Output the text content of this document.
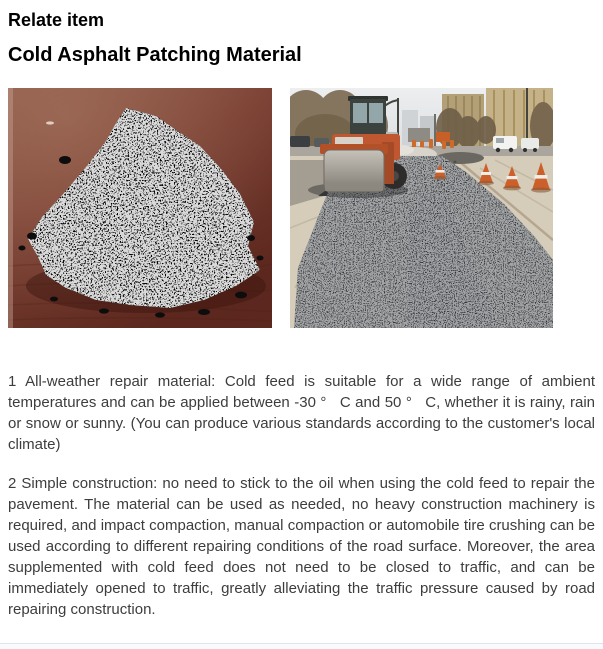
Relate item
Cold Asphalt Patching Material

1 All-weather repair material: Cold feed is suitable for a wide range of ambient temperatures and can be applied between -30 °   C and 50 °   C, whether it is rainy, rain or snow or sunny. (You can produce various standards according to the customer's local climate)

2 Simple construction: no need to stick to the oil when using the cold feed to repair the pavement. The material can be used as needed, no heavy construction machinery is required, and impact compaction, manual compaction or automobile tire crushing can be used according to different repairing conditions of the road surface. Moreover, the area supplemented with cold feed does not need to be closed to traffic, and can be immediately opened to traffic, greatly alleviating the traffic pressure caused by road repairing construction.
